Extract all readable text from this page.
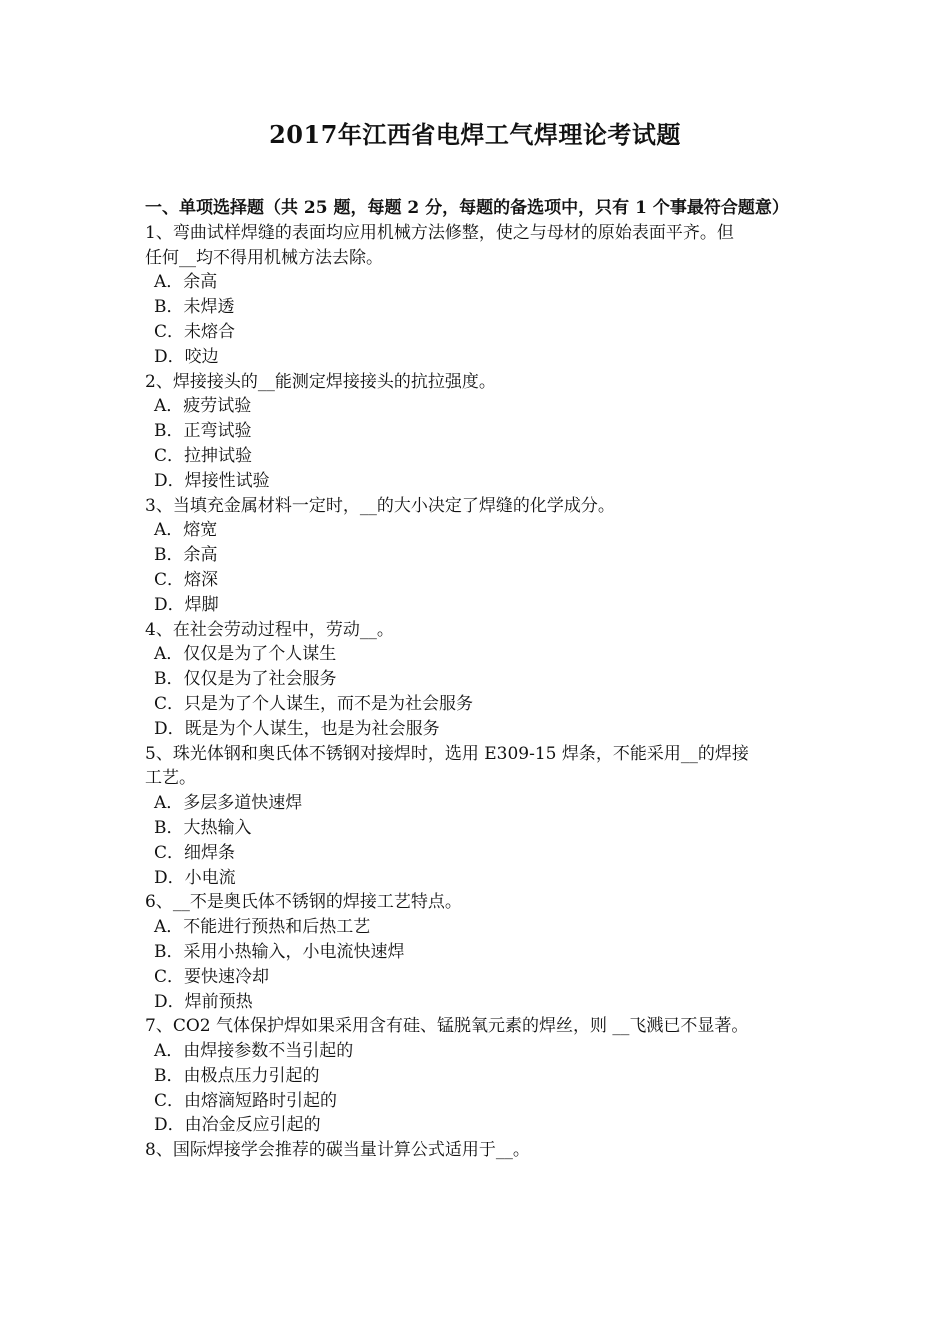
2017年江西省电焊工气焊理论考试题
一、单项选择题（共 25 题，每题 2 分，每题的备选项中，只有 1 个事最符合题意）
1、弯曲试样焊缝的表面均应用机械方法修整，使之与母材的原始表面平齐。但
任何__均不得用机械方法去除。
A．余高
B．未焊透
C．未熔合
D．咬边
2、焊接接头的__能测定焊接接头的抗拉强度。
A．疲劳试验
B．正弯试验
C．拉抻试验
D．焊接性试验
3、当填充金属材料一定时，__的大小决定了焊缝的化学成分。
A．熔宽
B．余高
C．熔深
D．焊脚
4、在社会劳动过程中，劳动__。
A．仅仅是为了个人谋生
B．仅仅是为了社会服务
C．只是为了个人谋生，而不是为社会服务
D．既是为个人谋生，也是为社会服务
5、珠光体钢和奥氏体不锈钢对接焊时，选用 E309-15 焊条，不能采用__的焊接
工艺。
A．多层多道快速焊
B．大热输入
C．细焊条
D．小电流
6、__不是奥氏体不锈钢的焊接工艺特点。
A．不能进行预热和后热工艺
B．采用小热输入，小电流快速焊
C．要快速冷却
D．焊前预热
7、CO2 气体保护焊如果采用含有硅、锰脱氧元素的焊丝，则 __飞溅已不显著。
A．由焊接参数不当引起的
B．由极点压力引起的
C．由熔滴短路时引起的
D．由冶金反应引起的
8、国际焊接学会推荐的碳当量计算公式适用于__。
